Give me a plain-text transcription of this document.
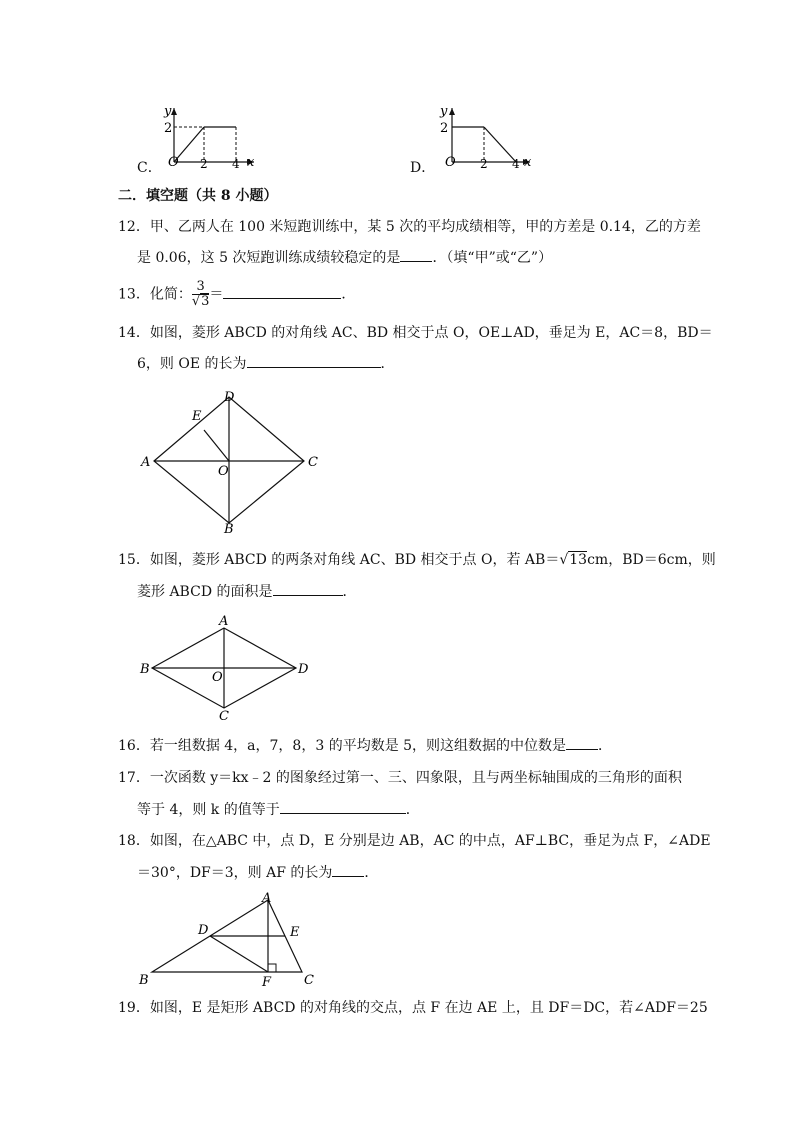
C．
y
2
O 2 4 x	D．
y
2
O 2 4 x
二．填空题（共 8 小题）
12．甲、乙两人在 100 米短跑训练中，某 5 次的平均成绩相等，甲的方差是 0.14，乙的方差
是 0.06，这 5 次短跑训练成绩较稳定的是 ．（填“甲”或“乙”）
13．化简： $\frac{3}{√3}$ ＝	．
14．如图，菱形 ABCD 的对角线 AC、BD 相交于点 O，OE⊥AD，垂足为 E，AC＝8，BD＝
6，则 OE 的长为	．
A
D
C
B
E
O
15．如图，菱形 ABCD 的两条对角线 AC、BD 相交于点 O，若 AB＝√13cm，BD＝6cm，则
菱形 ABCD 的面积是	．
B
A
D
C
O
16．若一组数据 4，a，7，8，3 的平均数是 5，则这组数据的中位数是 ．
17．一次函数 y＝kx﹣2 的图象经过第一、三、四象限，且与两坐标轴围成的三角形的面积
等于 4，则 k 的值等于	．
18．如图，在△ABC 中，点 D，E 分别是边 AB，AC 的中点，AF⊥BC，垂足为点 F，∠ADE
＝30°，DF＝3，则 AF 的长为 ．
B
A
C
D	E
F
19．如图，E 是矩形 ABCD 的对角线的交点，点 F 在边 AE 上，且 DF＝DC，若∠ADF＝25
